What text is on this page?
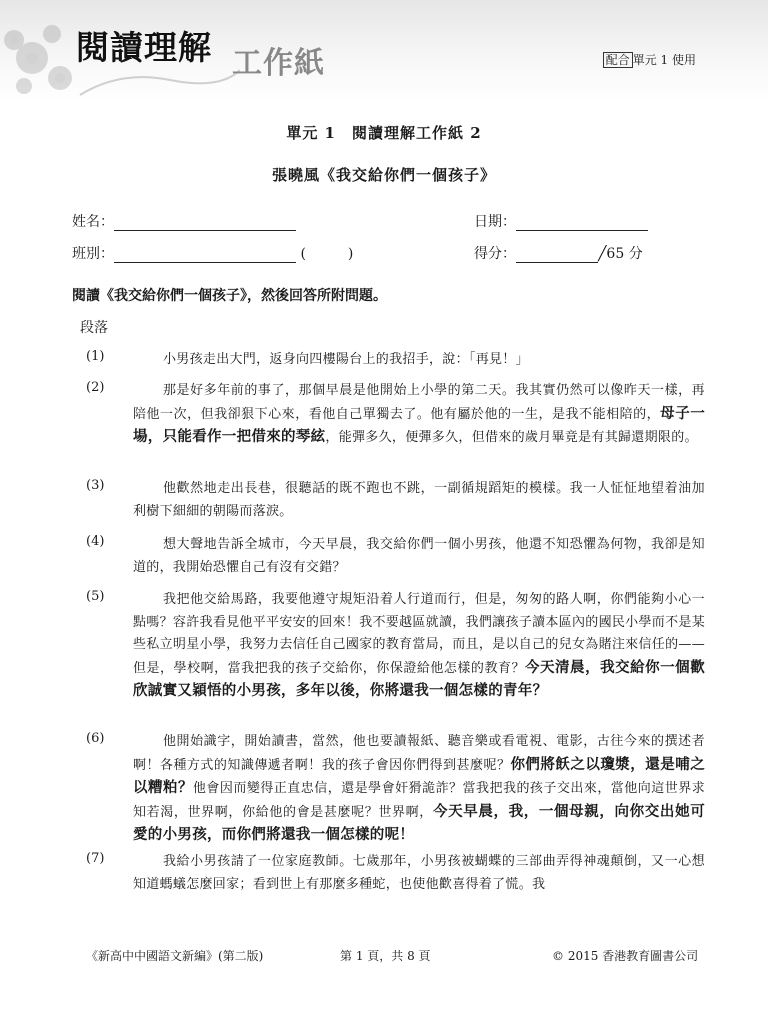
閱讀理解 工作紙	配合 單元 1 使用
單元 1　閱讀理解工作紙 2
張曉風《我交給你們一個孩子》
姓名：	日期：
班別：	(　　　)	得分：	╱65 分
閱讀《我交給你們一個孩子》，然後回答所附問題。
段落
(1)	小男孩走出大門，返身向四樓陽台上的我招手，說：「再見！」
(2)	那是好多年前的事了，那個早晨是他開始上小學的第二天。我其實仍然可以像昨天一樣，再陪他一次，但我卻狠下心來，看他自己單獨去了。他有屬於他的一生，是我不能相陪的，母子一場，只能看作一把借來的琴絃，能彈多久，便彈多久，但借來的歲月畢竟是有其歸還期限的。
(3)	他歡然地走出長巷，很聽話的既不跑也不跳，一副循規蹈矩的模樣。我一人怔怔地望着油加利樹下細細的朝陽而落淚。
(4)	想大聲地告訴全城市，今天早晨，我交給你們一個小男孩，他還不知恐懼為何物，我卻是知道的，我開始恐懼自己有沒有交錯？
(5)	我把他交給馬路，我要他遵守規矩沿着人行道而行，但是，匆匆的路人啊，你們能夠小心一點嗎？容許我看見他平平安安的回來！我不要越區就讀，我們讓孩子讀本區內的國民小學而不是某些私立明星小學，我努力去信任自己國家的教育當局，而且，是以自己的兒女為賭注來信任的——但是，學校啊，當我把我的孩子交給你，你保證給他怎樣的教育？今天清晨，我交給你一個歡欣誠實又穎悟的小男孩，多年以後，你將還我一個怎樣的青年？
(6)	他開始識字，開始讀書，當然，他也要讀報紙、聽音樂或看電視、電影，古往今來的撰述者啊！各種方式的知識傳遞者啊！我的孩子會因你們得到甚麼呢？你們將飫之以瓊漿，還是哺之以糟粕？他會因而變得正直忠信，還是學會奸猾詭詐？當我把我的孩子交出來，當他向這世界求知若渴，世界啊，你給他的會是甚麼呢？世界啊，今天早晨，我，一個母親，向你交出她可愛的小男孩，而你們將還我一個怎樣的呢！
(7)	我給小男孩請了一位家庭教師。七歲那年，小男孩被蝴蝶的三部曲弄得神魂顛倒，又一心想知道螞蟻怎麼回家；看到世上有那麼多種蛇，也使他歡喜得着了慌。我
《新高中中國語文新編》(第二版)	第 1 頁，共 8 頁	© 2015 香港教育圖書公司
